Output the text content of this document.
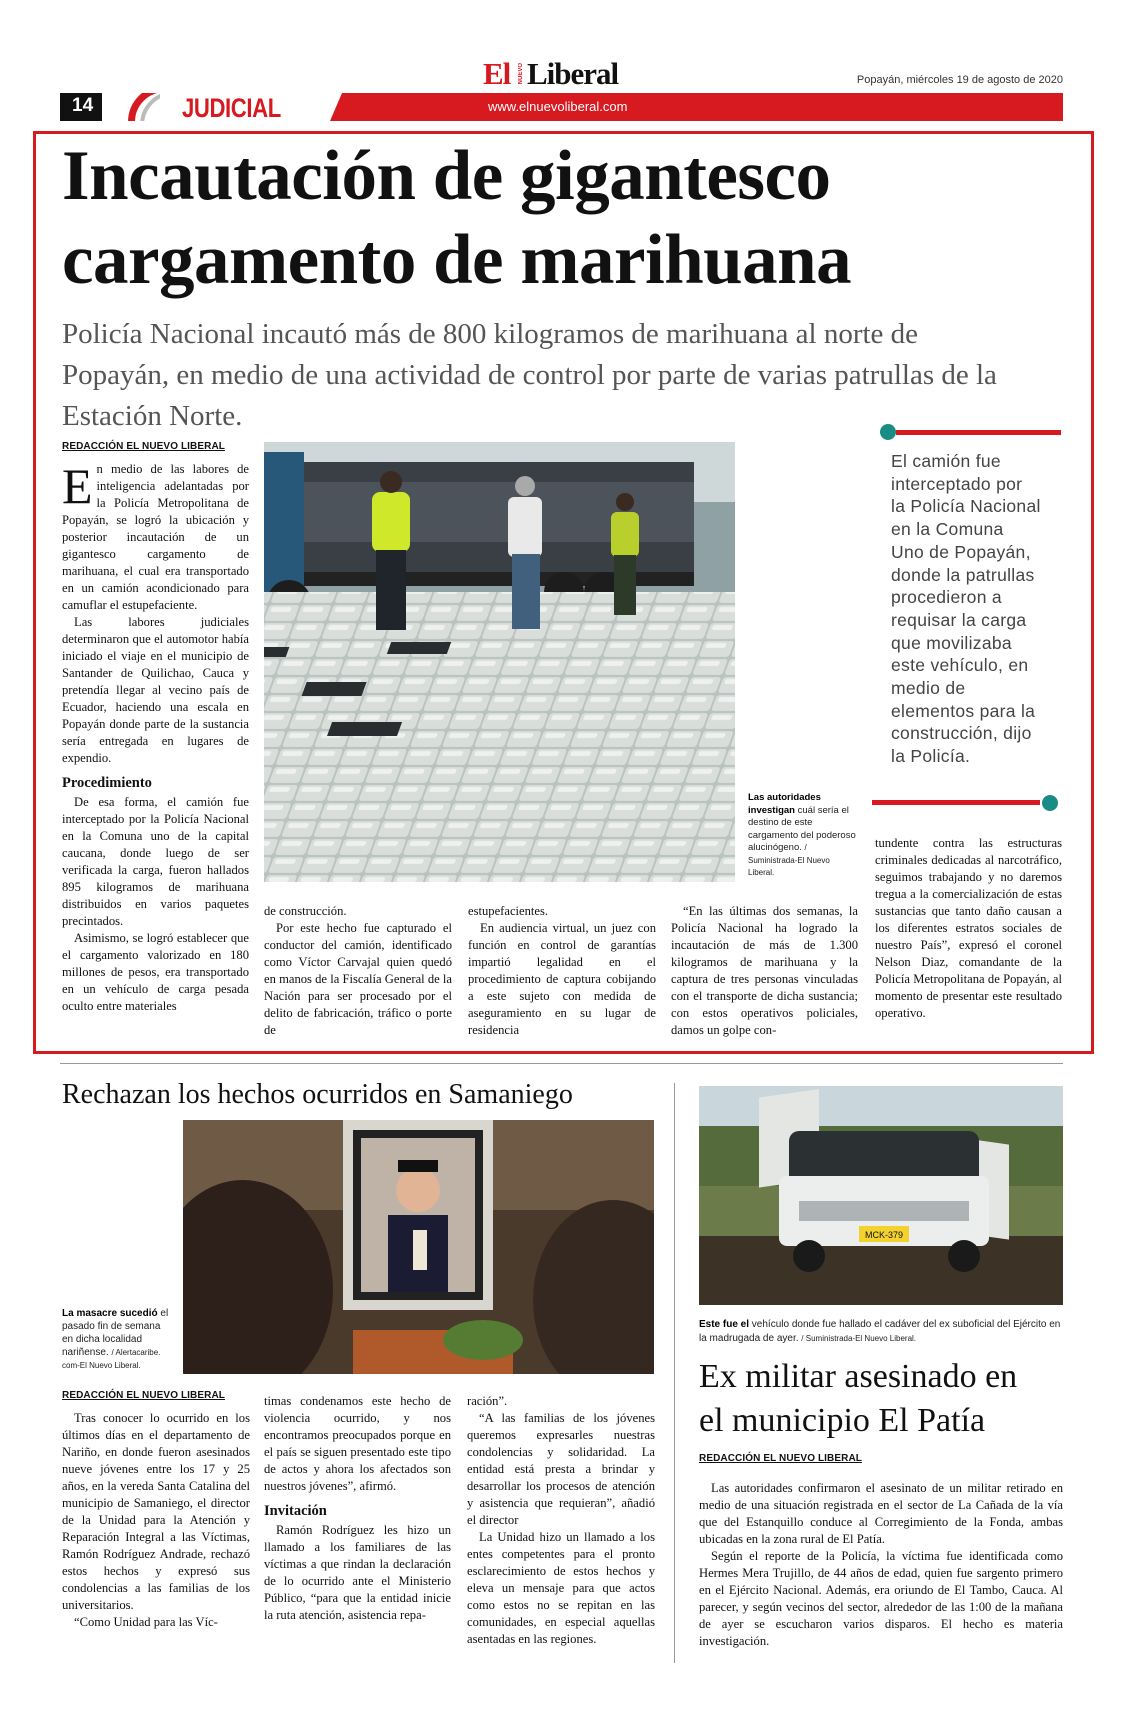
El NUEVO Liberal	Popayán, miércoles 19 de agosto de 2020
14	JUDICIAL	www.elnuevoliberal.com
Incautación de gigantesco
cargamento de marihuana
Policía Nacional incautó más de 800 kilogramos de marihuana al norte de Popayán, en medio de una actividad de control por parte de varias patrullas de la Estación Norte.
REDACCIÓN EL NUEVO LIBERAL

En medio de las labores de inteligencia adelantadas por la Policía Metropolitana de Popayán, se logró la ubicación y posterior incautación de un gigantesco cargamento de marihuana, el cual era transportado en un camión acondicionado para camuflar el estupefaciente.

Las labores judiciales determinaron que el automotor había iniciado el viaje en el municipio de Santander de Quilichao, Cauca y pretendía llegar al vecino país de Ecuador, haciendo una escala en Popayán donde parte de la sustancia sería entregada en lugares de expendio.

Procedimiento

De esa forma, el camión fue interceptado por la Policía Nacional en la Comuna uno de la capital caucana, donde luego de ser verificada la carga, fueron hallados 895 kilogramos de marihuana distribuidos en varios paquetes precintados.

Asimismo, se logró establecer que el cargamento valorizado en 180 millones de pesos, era transportado en un vehículo de carga pesada oculto entre materiales

Las autoridades investigan cuál sería el destino de este cargamento del poderoso alucinógeno. / Suministrada-El Nuevo Liberal.
El camión fue interceptado por la Policía Nacional en la Comuna Uno de Popayán, donde la patrullas procedieron a requisar la carga que movilizaba este vehículo, en medio de elementos para la construcción, dijo la Policía.

de construcción.

Por este hecho fue capturado el conductor del camión, identificado como Víctor Carvajal quien quedó en manos de la Fiscalía General de la Nación para ser procesado por el delito de fabricación, tráfico o porte de

estupefacientes.

En audiencia virtual, un juez con función en control de garantías impartió legalidad en el procedimiento de captura cobijando a este sujeto con medida de aseguramiento en su lugar de residencia

“En las últimas dos semanas, la Policía Nacional ha logrado la incautación de más de 1.300 kilogramos de marihuana y la captura de tres personas vinculadas con el transporte de dicha sustancia; con estos operativos policiales, damos un golpe con-

tundente contra las estructuras criminales dedicadas al narcotráfico, seguimos trabajando y no daremos tregua a la comercialización de estas sustancias que tanto daño causan a los diferentes estratos sociales de nuestro País”, expresó el coronel Nelson Diaz, comandante de la Policía Metropolitana de Popayán, al momento de presentar este resultado operativo.

Rechazan los hechos ocurridos en Samaniego
La masacre sucedió el pasado fin de semana en dicha localidad nariñense. / Alertacaribe. com-El Nuevo Liberal.
REDACCIÓN EL NUEVO LIBERAL

Tras conocer lo ocurrido en los últimos días en el departamento de Nariño, en donde fueron asesinados nueve jóvenes entre los 17 y 25 años, en la vereda Santa Catalina del municipio de Samaniego, el director de la Unidad para la Atención y Reparación Integral a las Víctimas, Ramón Rodríguez Andrade, rechazó estos hechos y expresó sus condolencias a las familias de los universitarios.

“Como Unidad para las Víc-

timas condenamos este hecho de violencia ocurrido, y nos encontramos preocupados porque en el país se siguen presentado este tipo de actos y ahora los afectados son nuestros jóvenes”, afirmó.

Invitación

Ramón Rodríguez les hizo un llamado a los familiares de las víctimas a que rindan la declaración de lo ocurrido ante el Ministerio Público, “para que la entidad inicie la ruta atención, asistencia repa-

ración”.

“A las familias de los jóvenes queremos expresarles nuestras condolencias y solidaridad. La entidad está presta a brindar y desarrollar los procesos de atención y asistencia que requieran”, añadió el director

La Unidad hizo un llamado a los entes competentes para el pronto esclarecimiento de estos hechos y eleva un mensaje para que actos como estos no se repitan en las comunidades, en especial aquellas asentadas en las regiones.

MCK-379
Este fue el vehículo donde fue hallado el cadáver del ex suboficial del Ejército en la madrugada de ayer. / Suministrada-El Nuevo Liberal.
Ex militar asesinado en
el municipio El Patía
REDACCIÓN EL NUEVO LIBERAL

Las autoridades confirmaron el asesinato de un militar retirado en medio de una situación registrada en el sector de La Cañada de la vía que del Estanquillo conduce al Corregimiento de la Fonda, ambas ubicadas en la zona rural de El Patía.

Según el reporte de la Policía, la víctima fue identificada como Hermes Mera Trujillo, de 44 años de edad, quien fue sargento primero en el Ejército Nacional. Además, era oriundo de El Tambo, Cauca. Al parecer, y según vecinos del sector, alrededor de las 1:00 de la mañana de ayer se escucharon varios disparos. El hecho es materia investigación.
